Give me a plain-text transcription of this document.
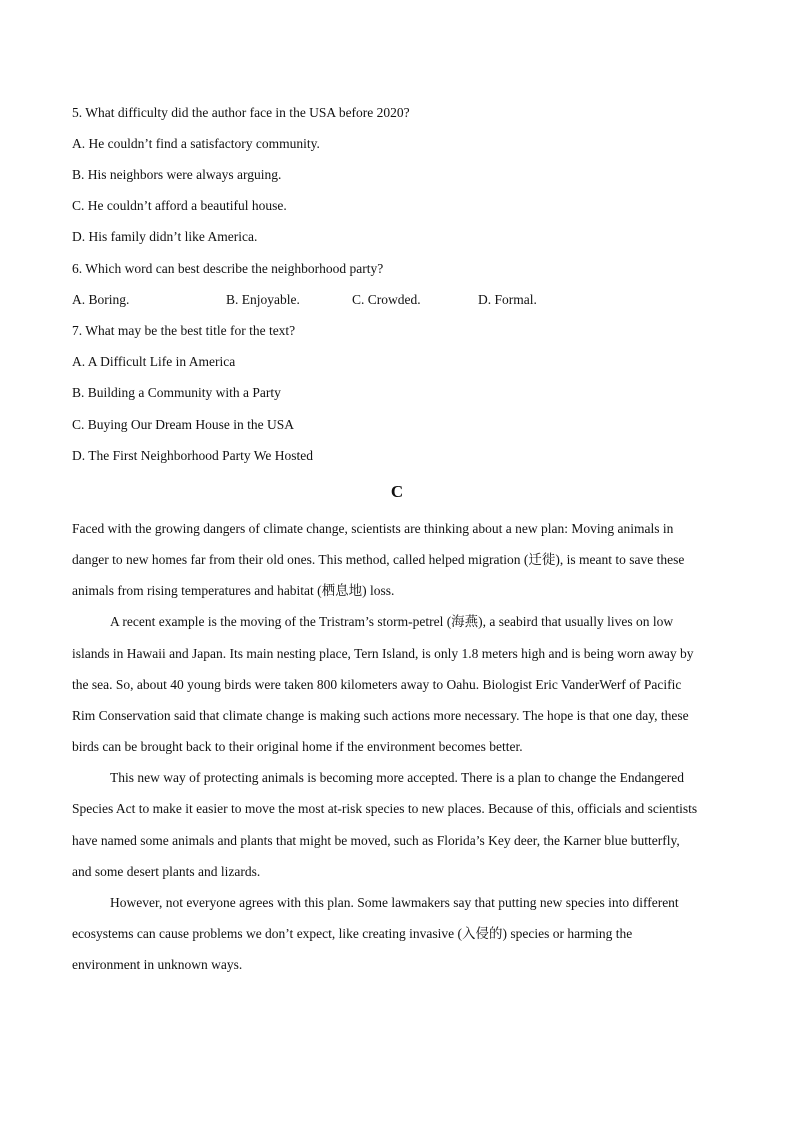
5. What difficulty did the author face in the USA before 2020?
A. He couldn’t find a satisfactory community.
B. His neighbors were always arguing.
C. He couldn’t afford a beautiful house.
D. His family didn’t like America.
6. Which word can best describe the neighborhood party?
A. Boring.	B. Enjoyable.	C. Crowded.	D. Formal.
7. What may be the best title for the text?
A. A Difficult Life in America
B. Building a Community with a Party
C. Buying Our Dream House in the USA
D. The First Neighborhood Party We Hosted
C
Faced with the growing dangers of climate change, scientists are thinking about a new plan: Moving animals in
danger to new homes far from their old ones. This method, called helped migration (迁徙), is meant to save these
animals from rising temperatures and habitat (栖息地) loss.
A recent example is the moving of the Tristram’s storm-petrel (海燕), a seabird that usually lives on low
islands in Hawaii and Japan. Its main nesting place, Tern Island, is only 1.8 meters high and is being worn away by
the sea. So, about 40 young birds were taken 800 kilometers away to Oahu. Biologist Eric VanderWerf of Pacific
Rim Conservation said that climate change is making such actions more necessary. The hope is that one day, these
birds can be brought back to their original home if the environment becomes better.
This new way of protecting animals is becoming more accepted. There is a plan to change the Endangered
Species Act to make it easier to move the most at-risk species to new places. Because of this, officials and scientists
have named some animals and plants that might be moved, such as Florida’s Key deer, the Karner blue butterfly,
and some desert plants and lizards.
However, not everyone agrees with this plan. Some lawmakers say that putting new species into different
ecosystems can cause problems we don’t expect, like creating invasive (入侵的) species or harming the
environment in unknown ways.
